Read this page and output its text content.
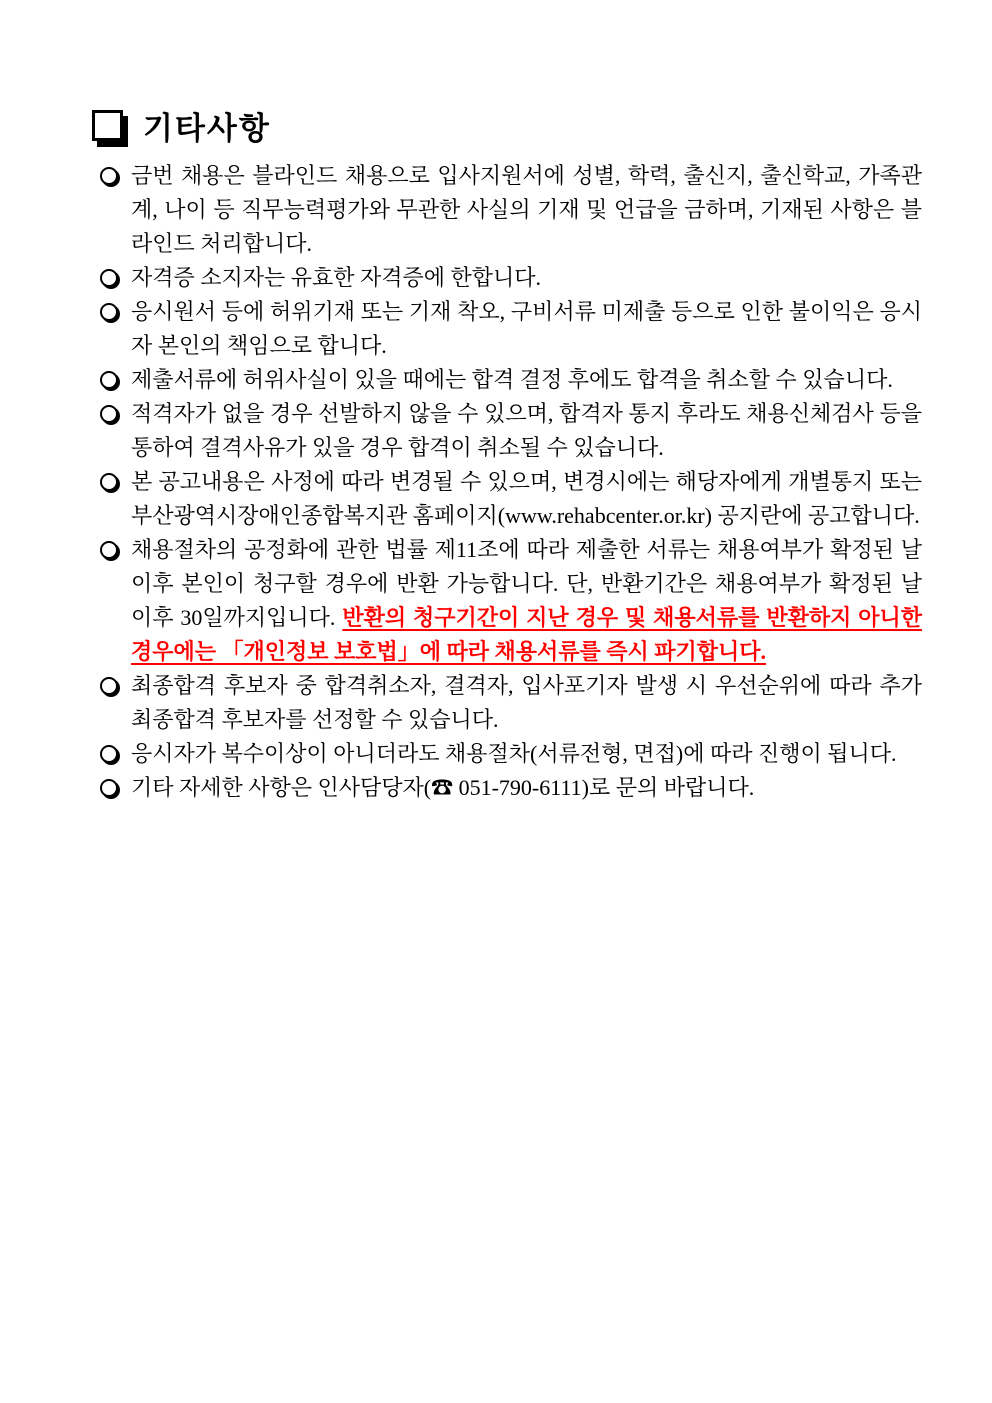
기타사항
금번 채용은 블라인드 채용으로 입사지원서에 성별, 학력, 출신지, 출신학교, 가족관계, 나이 등 직무능력평가와 무관한 사실의 기재 및 언급을 금하며, 기재된 사항은 블라인드 처리합니다.
자격증 소지자는 유효한 자격증에 한합니다.
응시원서 등에 허위기재 또는 기재 착오, 구비서류 미제출 등으로 인한 불이익은 응시자 본인의 책임으로 합니다.
제출서류에 허위사실이 있을 때에는 합격 결정 후에도 합격을 취소할 수 있습니다.
적격자가 없을 경우 선발하지 않을 수 있으며, 합격자 통지 후라도 채용신체검사 등을 통하여 결격사유가 있을 경우 합격이 취소될 수 있습니다.
본 공고내용은 사정에 따라 변경될 수 있으며, 변경시에는 해당자에게 개별통지 또는 부산광역시장애인종합복지관 홈페이지(www.rehabcenter.or.kr) 공지란에 공고합니다.
채용절차의 공정화에 관한 법률 제11조에 따라 제출한 서류는 채용여부가 확정된 날 이후 본인이 청구할 경우에 반환 가능합니다. 단, 반환기간은 채용여부가 확정된 날 이후 30일까지입니다. 반환의 청구기간이 지난 경우 및 채용서류를 반환하지 아니한 경우에는 「개인정보 보호법」에 따라 채용서류를 즉시 파기합니다.
최종합격 후보자 중 합격취소자, 결격자, 입사포기자 발생 시 우선순위에 따라 추가 최종합격 후보자를 선정할 수 있습니다.
응시자가 복수이상이 아니더라도 채용절차(서류전형, 면접)에 따라 진행이 됩니다.
기타 자세한 사항은 인사담당자(☎ 051-790-6111)로 문의 바랍니다.
